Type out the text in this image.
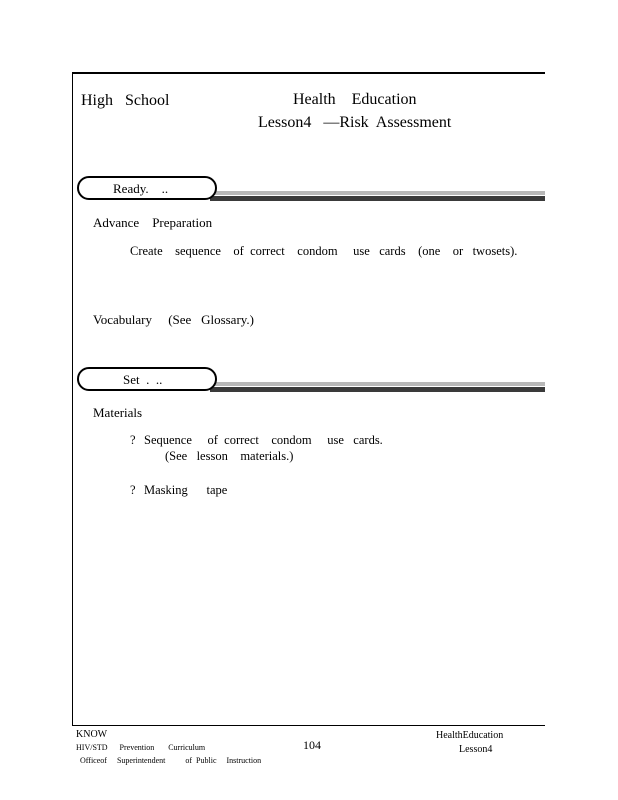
High   School	Health    Education
Lesson4   —Risk  Assessment
Ready.    ..
Advance    Preparation
Create    sequence    of  correct    condom     use   cards    (one    or   twosets).
Vocabulary     (See   Glossary.)
Set  .  ..
Materials
? Sequence     of  correct    condom     use   cards.
(See   lesson    materials.)
? Masking      tape
KNOW
HIV/STD      Prevention       Curriculum
Officeof     Superintendent          of  Public     Instruction
104
HealthEducation
Lesson4
